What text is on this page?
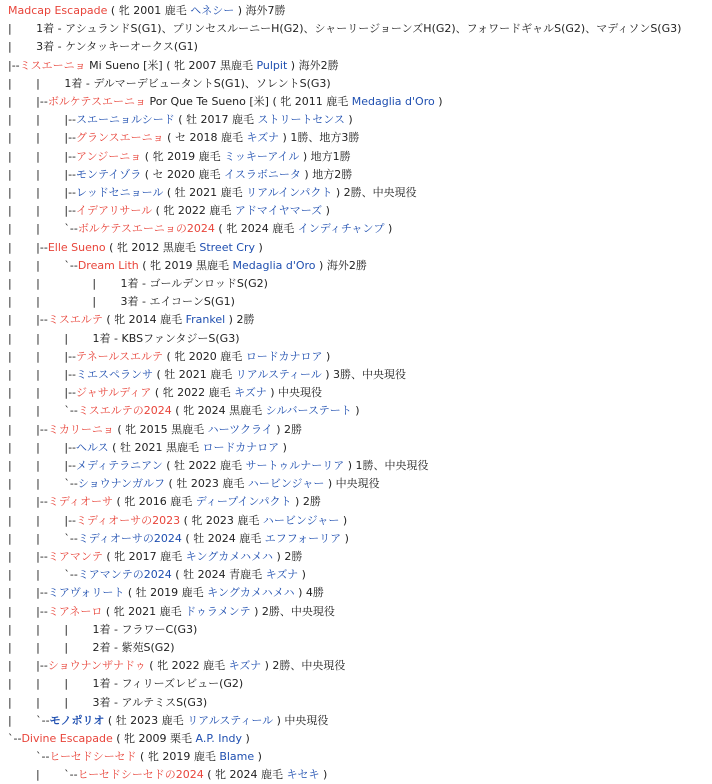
Madcap Escapade ( 牝 2001 鹿毛 ヘネシー ) 海外7勝
|       1着 - アシュランドS(G1)、プリンセスルーニーH(G2)、シャーリージョーンズH(G2)、フォワードギャルS(G2)、マディソンS(G3)
|       3着 - ケンタッキーオークス(G1)
|--ミスエーニョ Mi Sueno [米] ( 牝 2007 黒鹿毛 Pulpit ) 海外2勝
|       |       1着 - デルマーデビュータントS(G1)、ソレントS(G3)
|       |--ボルケテスエーニョ Por Que Te Sueno [米] ( 牝 2011 鹿毛 Medaglia d'Oro )
|       |       |--スエーニョルシード ( 牡 2017 鹿毛 ストリートセンス )
|       |       |--グランスエーニョ ( セ 2018 鹿毛 キズナ ) 1勝、地方3勝
|       |       |--アンジーニョ ( 牝 2019 鹿毛 ミッキーアイル ) 地方1勝
|       |       |--モンテイゾラ ( セ 2020 鹿毛 イスラボニータ ) 地方2勝
|       |       |--レッドセニョール ( 牡 2021 鹿毛 リアルインパクト ) 2勝、中央現役
|       |       |--イデアリサール ( 牝 2022 鹿毛 アドマイヤマーズ )
|       |       `--ボルケテスエーニョの2024 ( 牝 2024 鹿毛 インディチャンプ )
|       |--Elle Sueno ( 牝 2012 黒鹿毛 Street Cry )
|       |       `--Dream Lith ( 牝 2019 黒鹿毛 Medaglia d'Oro ) 海外2勝
|       |               |       1着 - ゴールデンロッドS(G2)
|       |               |       3着 - エイコーンS(G1)
|       |--ミスエルテ ( 牝 2014 鹿毛 Frankel ) 2勝
|       |       |       1着 - KBSファンタジーS(G3)
|       |       |--テネールスエルテ ( 牝 2020 鹿毛 ロードカナロア )
|       |       |--ミエスペランサ ( 牡 2021 鹿毛 リアルスティール ) 3勝、中央現役
|       |       |--ジャサルディア ( 牝 2022 鹿毛 キズナ ) 中央現役
|       |       `--ミスエルテの2024 ( 牝 2024 黒鹿毛 シルバーステート )
|       |--ミカリーニョ ( 牝 2015 黒鹿毛 ハーツクライ ) 2勝
|       |       |--ヘルス ( 牡 2021 黒鹿毛 ロードカナロア )
|       |       |--メディテラニアン ( 牡 2022 鹿毛 サートゥルナーリア ) 1勝、中央現役
|       |       `--ショウナンガルフ ( 牡 2023 鹿毛 ハービンジャー ) 中央現役
|       |--ミディオーサ ( 牝 2016 鹿毛 ディープインパクト ) 2勝
|       |       |--ミディオーサの2023 ( 牝 2023 鹿毛 ハービンジャー )
|       |       `--ミディオーサの2024 ( 牡 2024 鹿毛 エフフォーリア )
|       |--ミアマンテ ( 牝 2017 鹿毛 キングカメハメハ ) 2勝
|       |       `--ミアマンテの2024 ( 牡 2024 青鹿毛 キズナ )
|       |--ミアヴォリート ( 牡 2019 鹿毛 キングカメハメハ ) 4勝
|       |--ミアネーロ ( 牝 2021 鹿毛 ドゥラメンテ ) 2勝、中央現役
|       |       |       1着 - フラワーC(G3)
|       |       |       2着 - 紫苑S(G2)
|       |--ショウナンザナドゥ ( 牝 2022 鹿毛 キズナ ) 2勝、中央現役
|       |       |       1着 - フィリーズレビュー(G2)
|       |       |       3着 - アルテミスS(G3)
|       `--モノポリオ ( 牡 2023 鹿毛 リアルスティール ) 中央現役
`--Divine Escapade ( 牝 2009 栗毛 A.P. Indy )
`--ヒーセドシーセド ( 牝 2019 鹿毛 Blame )
|       `--ヒーセドシーセドの2024 ( 牝 2024 鹿毛 キセキ )
